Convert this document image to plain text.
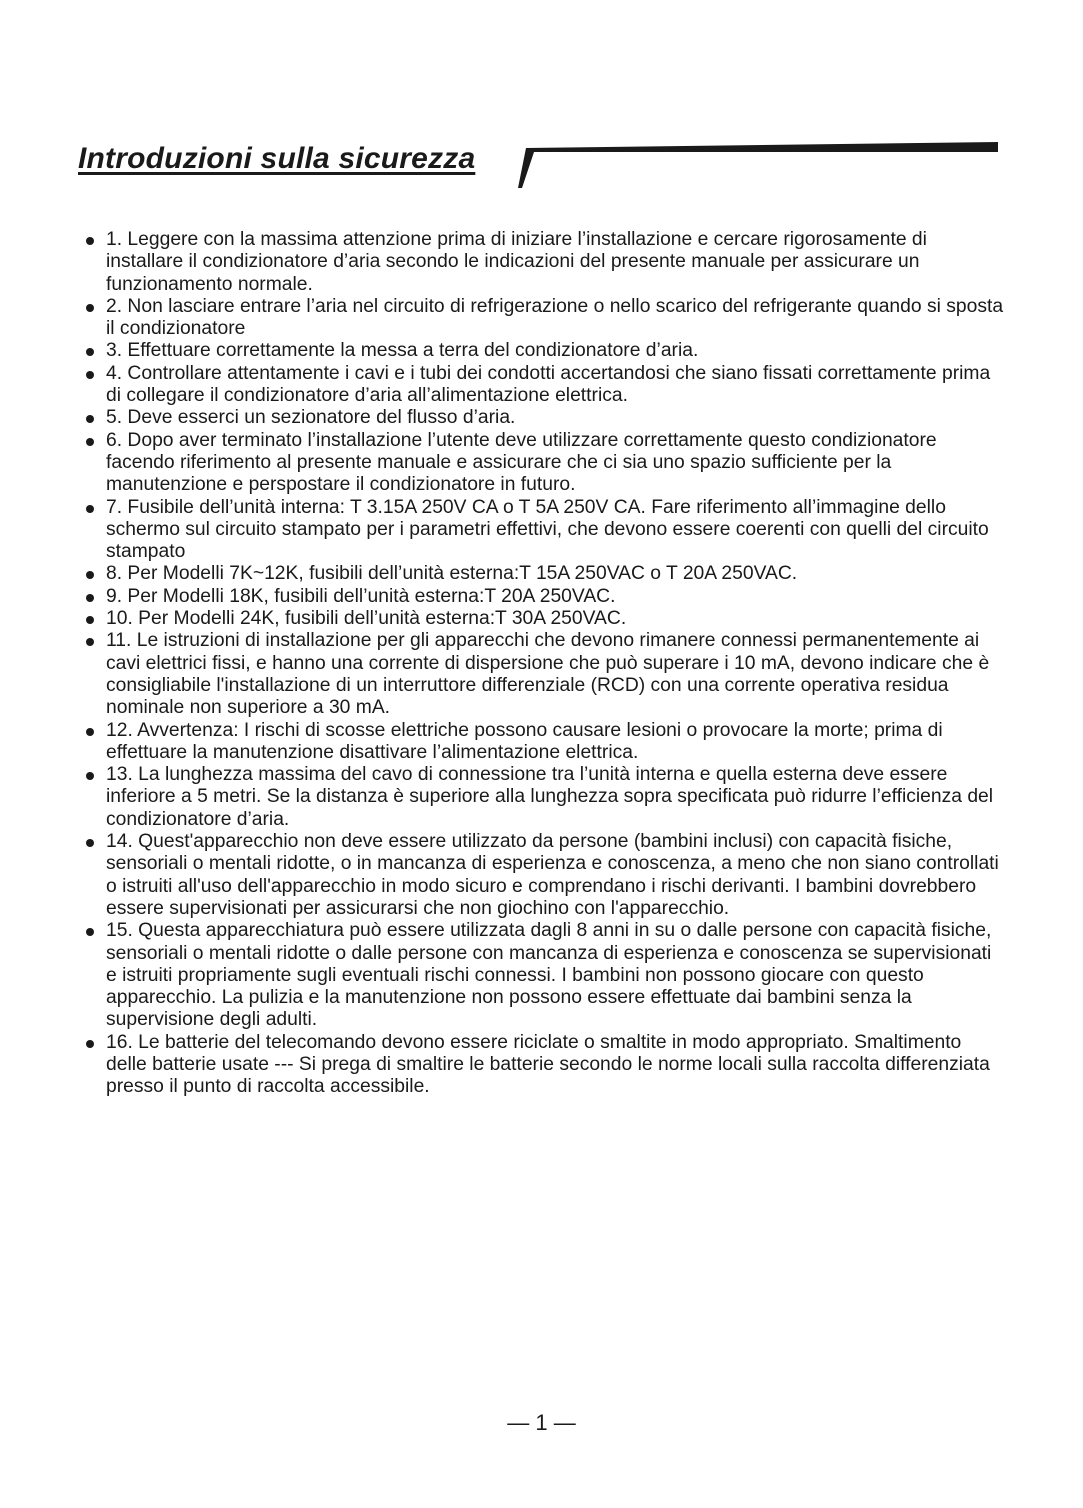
Introduzioni sulla sicurezza
1. Leggere con la massima attenzione prima di iniziare l’installazione e cercare rigorosamente di installare il condizionatore d’aria secondo le indicazioni del presente manuale per assicurare un funzionamento normale.
2. Non lasciare entrare l’aria nel circuito di refrigerazione o nello scarico del refrigerante quando si sposta il condizionatore
3. Effettuare correttamente la messa a terra del condizionatore d’aria.
4. Controllare attentamente i cavi e i tubi dei condotti accertandosi che siano fissati correttamente prima di collegare il condizionatore d’aria all’alimentazione elettrica.
5. Deve esserci un sezionatore del flusso d’aria.
6. Dopo aver terminato l’installazione l’utente deve utilizzare correttamente questo condizionatore facendo riferimento al presente manuale e assicurare che ci sia uno spazio sufficiente per la manutenzione e perspostare il condizionatore in futuro.
7. Fusibile dell’unità interna: T 3.15A 250V CA o T 5A 250V CA. Fare riferimento all’immagine dello schermo sul circuito stampato per i parametri effettivi, che devono essere coerenti con quelli del circuito stampato
8. Per Modelli 7K~12K, fusibili dell’unità esterna:T 15A 250VAC o T 20A 250VAC.
9. Per Modelli 18K, fusibili dell’unità esterna:T 20A 250VAC.
10. Per Modelli 24K, fusibili dell’unità esterna:T 30A 250VAC.
11. Le istruzioni di installazione per gli apparecchi che devono rimanere connessi permanentemente ai cavi elettrici fissi, e hanno una corrente di dispersione che può superare i 10 mA, devono indicare che è consigliabile l'installazione di un interruttore differenziale (RCD) con una corrente operativa residua nominale non superiore a 30 mA.
12. Avvertenza: I rischi di scosse elettriche possono causare lesioni o provocare la morte; prima di effettuare la manutenzione disattivare l’alimentazione elettrica.
13. La lunghezza massima del cavo di connessione tra l’unità interna e quella esterna deve essere inferiore a 5 metri. Se la distanza è superiore alla lunghezza sopra specificata può ridurre l’efficienza del condizionatore d’aria.
14. Quest'apparecchio non deve essere utilizzato da persone (bambini inclusi) con capacità fisiche, sensoriali o mentali ridotte, o in mancanza di esperienza e conoscenza, a meno che non siano controllati o istruiti all'uso dell'apparecchio in modo sicuro e comprendano i rischi derivanti. I bambini dovrebbero essere supervisionati per assicurarsi che non giochino con l'apparecchio.
15. Questa apparecchiatura può essere utilizzata dagli 8 anni in su o dalle persone con capacità fisiche, sensoriali o mentali ridotte o dalle persone con mancanza di esperienza e conoscenza se supervisionati e istruiti propriamente sugli eventuali rischi connessi. I bambini non possono giocare con questo apparecchio. La pulizia e la manutenzione non possono essere effettuate dai bambini senza la supervisione degli adulti.
16. Le batterie del telecomando devono essere riciclate o smaltite in modo appropriato. Smaltimento delle batterie usate --- Si prega di smaltire le batterie secondo le norme locali sulla raccolta differenziata presso il punto di raccolta accessibile.
— 1 —
